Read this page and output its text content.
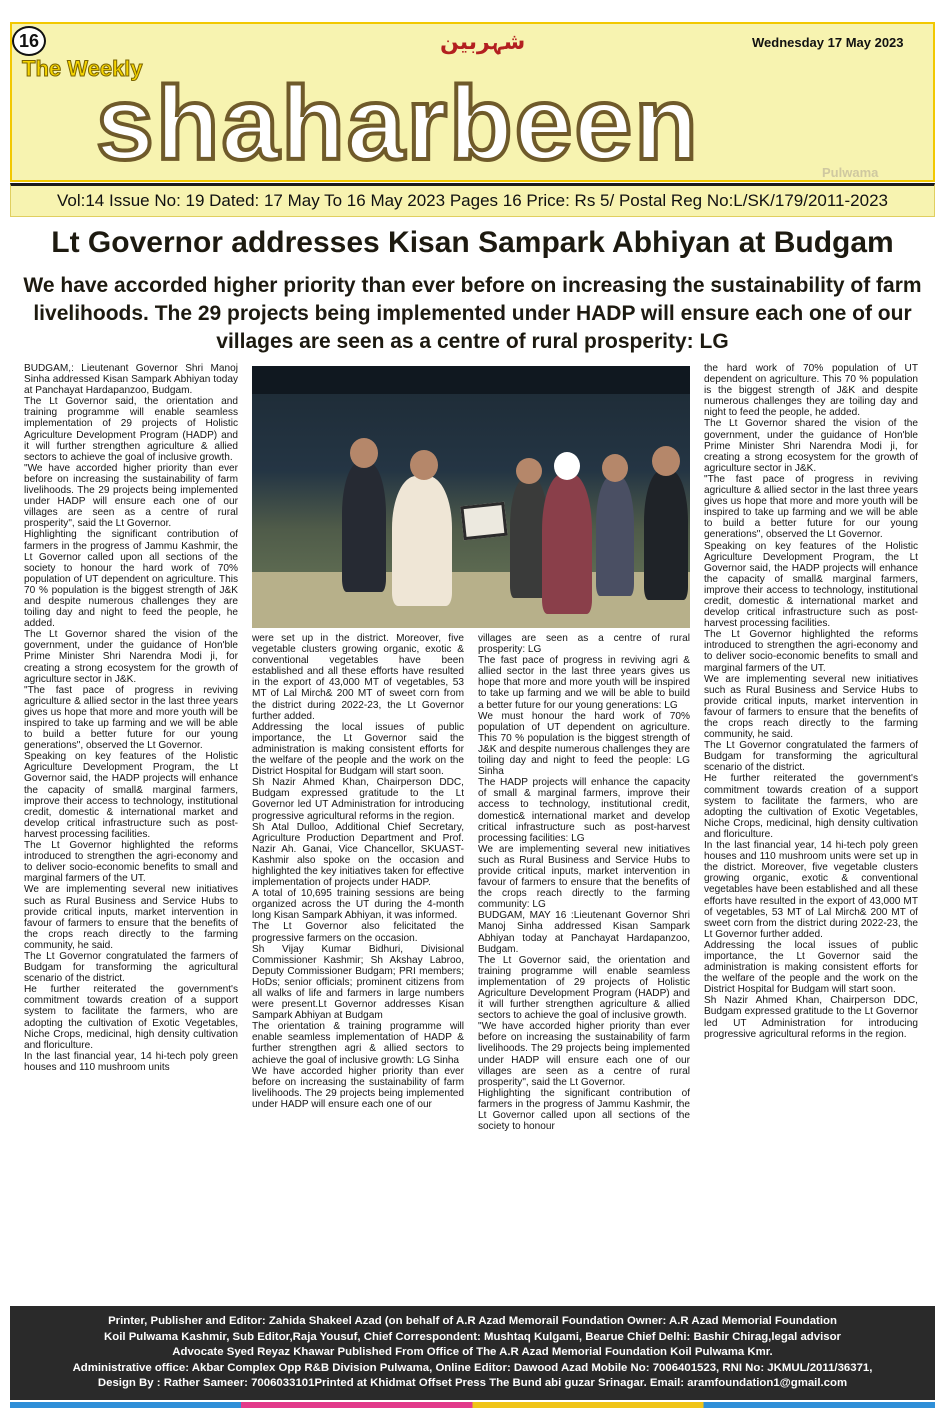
16
The Weekly
شہربین	Wednesday 17 May 2023
shaharbeen	Pulwama
Vol:14 Issue No: 19 Dated: 17 May To 16 May 2023 Pages 16 Price: Rs 5/ Postal Reg No:L/SK/179/2011-2023
Lt Governor addresses Kisan Sampark Abhiyan at Budgam
We have accorded higher priority than ever before on increasing the sustainability of farm livelihoods. The 29 projects being implemented under HADP will ensure each one of our villages are seen as a centre of rural prosperity: LG

BUDGAM,: Lieutenant Governor Shri Manoj Sinha addressed Kisan Sampark Abhiyan today at Panchayat Hardapanzoo, Budgam.

The Lt Governor said, the orientation and training programme will enable seamless implementation of 29 projects of Holistic Agriculture Development Program (HADP) and it will further strengthen agriculture & allied sectors to achieve the goal of inclusive growth.

"We have accorded higher priority than ever before on increasing the sustainability of farm livelihoods. The 29 projects being implemented under HADP will ensure each one of our villages are seen as a centre of rural prosperity", said the Lt Governor.

Highlighting the significant contribution of farmers in the progress of Jammu Kashmir, the Lt Governor called upon all sections of the society to honour the hard work of 70% population of UT dependent on agriculture. This 70 % population is the biggest strength of J&K and despite numerous challenges they are toiling day and night to feed the people, he added.

The Lt Governor shared the vision of the government, under the guidance of Hon'ble Prime Minister Shri Narendra Modi ji, for creating a strong ecosystem for the growth of agriculture sector in J&K.

"The fast pace of progress in reviving agriculture & allied sector in the last three years gives us hope that more and more youth will be inspired to take up farming and we will be able to build a better future for our young generations", observed the Lt Governor.

Speaking on key features of the Holistic Agriculture Development Program, the Lt Governor said, the HADP projects will enhance the capacity of small& marginal farmers, improve their access to technology, institutional credit, domestic & international market and develop critical infrastructure such as post-harvest processing facilities.

The Lt Governor highlighted the reforms introduced to strengthen the agri-economy and to deliver socio-economic benefits to small and marginal farmers of the UT.

We are implementing several new initiatives such as Rural Business and Service Hubs to provide critical inputs, market intervention in favour of farmers to ensure that the benefits of the crops reach directly to the farming community, he said.

The Lt Governor congratulated the farmers of Budgam for transforming the agricultural scenario of the district.

He further reiterated the government's commitment towards creation of a support system to facilitate the farmers, who are adopting the cultivation of Exotic Vegetables, Niche Crops, medicinal, high density cultivation and floriculture.

In the last financial year, 14 hi-tech poly green houses and 110 mushroom units

were set up in the district. Moreover, five vegetable clusters growing organic, exotic & conventional vegetables have been established and all these efforts have resulted in the export of 43,000 MT of vegetables, 53 MT of Lal Mirch& 200 MT of sweet corn from the district during 2022-23, the Lt Governor further added.

Addressing the local issues of public importance, the Lt Governor said the administration is making consistent efforts for the welfare of the people and the work on the District Hospital for Budgam will start soon.

Sh Nazir Ahmed Khan, Chairperson DDC, Budgam expressed gratitude to the Lt Governor led UT Administration for introducing progressive agricultural reforms in the region.

Sh Atal Dulloo, Additional Chief Secretary, Agriculture Production Department and Prof. Nazir Ah. Ganai, Vice Chancellor, SKUAST-Kashmir also spoke on the occasion and highlighted the key initiatives taken for effective implementation of projects under HADP.

A total of 10,695 training sessions are being organized across the UT during the 4-month long Kisan Sampark Abhiyan, it was informed.

The Lt Governor also felicitated the progressive farmers on the occasion.

Sh Vijay Kumar Bidhuri, Divisional Commissioner Kashmir; Sh Akshay Labroo, Deputy Commissioner Budgam; PRI members; HoDs; senior officials; prominent citizens from all walks of life and farmers in large numbers were present.Lt Governor addresses Kisan Sampark Abhiyan at Budgam

The orientation & training programme will enable seamless implementation of HADP & further strengthen agri & allied sectors to achieve the goal of inclusive growth: LG Sinha

We have accorded higher priority than ever before on increasing the sustainability of farm livelihoods. The 29 projects being implemented under HADP will ensure each one of our

villages are seen as a centre of rural prosperity: LG

The fast pace of progress in reviving agri & allied sector in the last three years gives us hope that more and more youth will be inspired to take up farming and we will be able to build a better future for our young generations: LG

We must honour the hard work of 70% population of UT dependent on agriculture. This 70 % population is the biggest strength of J&K and despite numerous challenges they are toiling day and night to feed the people: LG Sinha

The HADP projects will enhance the capacity of small & marginal farmers, improve their access to technology, institutional credit, domestic& international market and develop critical infrastructure such as post-harvest processing facilities: LG

We are implementing several new initiatives such as Rural Business and Service Hubs to provide critical inputs, market intervention in favour of farmers to ensure that the benefits of the crops reach directly to the farming community: LG

BUDGAM, MAY 16 :Lieutenant Governor Shri Manoj Sinha addressed Kisan Sampark Abhiyan today at Panchayat Hardapanzoo, Budgam.

The Lt Governor said, the orientation and training programme will enable seamless implementation of 29 projects of Holistic Agriculture Development Program (HADP) and it will further strengthen agriculture & allied sectors to achieve the goal of inclusive growth.

"We have accorded higher priority than ever before on increasing the sustainability of farm livelihoods. The 29 projects being implemented under HADP will ensure each one of our villages are seen as a centre of rural prosperity", said the Lt Governor.

Highlighting the significant contribution of farmers in the progress of Jammu Kashmir, the Lt Governor called upon all sections of the society to honour

the hard work of 70% population of UT dependent on agriculture. This 70 % population is the biggest strength of J&K and despite numerous challenges they are toiling day and night to feed the people, he added.

The Lt Governor shared the vision of the government, under the guidance of Hon'ble Prime Minister Shri Narendra Modi ji, for creating a strong ecosystem for the growth of agriculture sector in J&K.

"The fast pace of progress in reviving agriculture & allied sector in the last three years gives us hope that more and more youth will be inspired to take up farming and we will be able to build a better future for our young generations", observed the Lt Governor.

Speaking on key features of the Holistic Agriculture Development Program, the Lt Governor said, the HADP projects will enhance the capacity of small& marginal farmers, improve their access to technology, institutional credit, domestic & international market and develop critical infrastructure such as post-harvest processing facilities.

The Lt Governor highlighted the reforms introduced to strengthen the agri-economy and to deliver socio-economic benefits to small and marginal farmers of the UT.

We are implementing several new initiatives such as Rural Business and Service Hubs to provide critical inputs, market intervention in favour of farmers to ensure that the benefits of the crops reach directly to the farming community, he said.

The Lt Governor congratulated the farmers of Budgam for transforming the agricultural scenario of the district.

He further reiterated the government's commitment towards creation of a support system to facilitate the farmers, who are adopting the cultivation of Exotic Vegetables, Niche Crops, medicinal, high density cultivation and floriculture.

In the last financial year, 14 hi-tech poly green houses and 110 mushroom units were set up in the district. Moreover, five vegetable clusters growing organic, exotic & conventional vegetables have been established and all these efforts have resulted in the export of 43,000 MT of vegetables, 53 MT of Lal Mirch& 200 MT of sweet corn from the district during 2022-23, the Lt Governor further added.

Addressing the local issues of public importance, the Lt Governor said the administration is making consistent efforts for the welfare of the people and the work on the District Hospital for Budgam will start soon.

Sh Nazir Ahmed Khan, Chairperson DDC, Budgam expressed gratitude to the Lt Governor led UT Administration for introducing progressive agricultural reforms in the region.

Printer, Publisher and Editor: Zahida Shakeel Azad (on behalf of A.R Azad Memorail Foundation Owner: A.R Azad Memorial Foundation
Koil Pulwama Kashmir, Sub Editor,Raja Yousuf, Chief Correspondent: Mushtaq Kulgami, Bearue Chief Delhi: Bashir Chirag,legal advisor
Advocate Syed Reyaz Khawar Published From Office of The A.R Azad Memorial Foundation Koil Pulwama Kmr.
Administrative office: Akbar Complex Opp R&B Division Pulwama, Online Editor: Dawood Azad Mobile No: 7006401523, RNI No: JKMUL/2011/36371,
Design By : Rather Sameer: 7006033101Printed at Khidmat Offset Press The Bund abi guzar Srinagar. Email: aramfoundation1@gmail.com
